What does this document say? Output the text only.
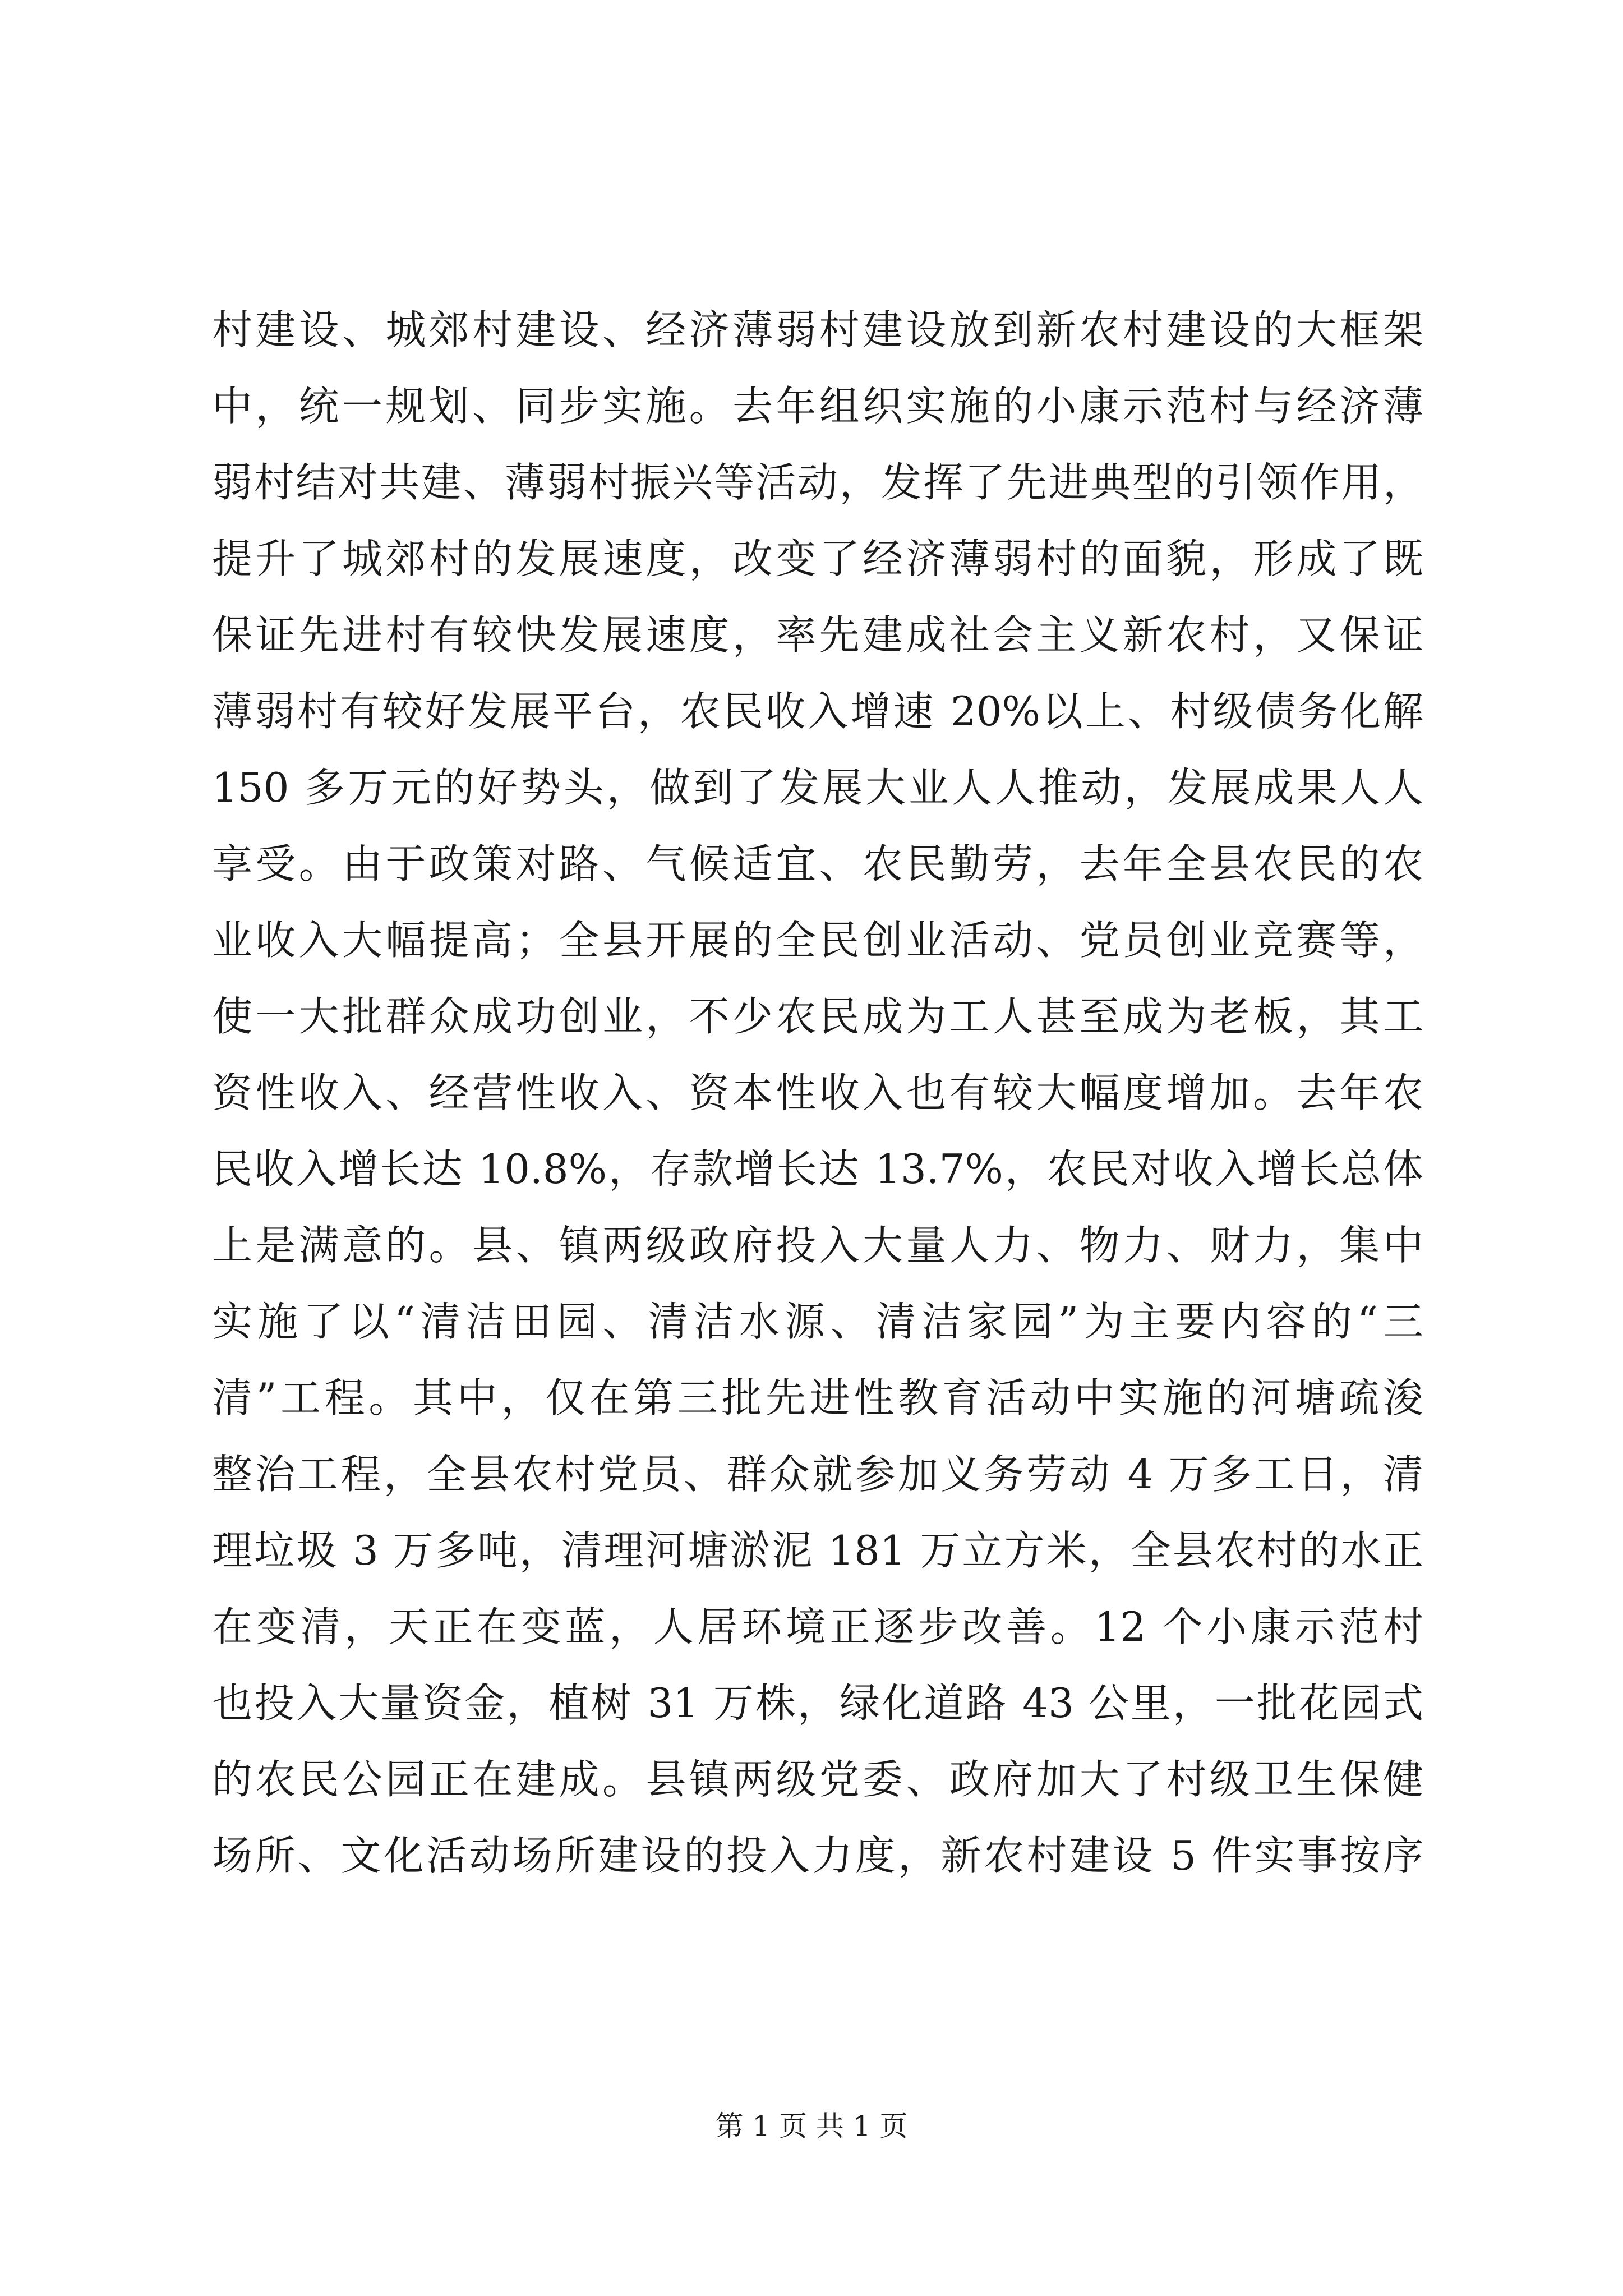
村建设、城郊村建设、经济薄弱村建设放到新农村建设的大框架
中，统一规划、同步实施。去年组织实施的小康示范村与经济薄
弱村结对共建、薄弱村振兴等活动，发挥了先进典型的引领作用，
提升了城郊村的发展速度，改变了经济薄弱村的面貌，形成了既
保证先进村有较快发展速度，率先建成社会主义新农村，又保证
薄弱村有较好发展平台，农民收入增速 20%以上、村级债务化解
150 多万元的好势头，做到了发展大业人人推动，发展成果人人
享受。由于政策对路、气候适宜、农民勤劳，去年全县农民的农
业收入大幅提高；全县开展的全民创业活动、党员创业竞赛等，
使一大批群众成功创业，不少农民成为工人甚至成为老板，其工
资性收入、经营性收入、资本性收入也有较大幅度增加。去年农
民收入增长达 10.8%，存款增长达 13.7%，农民对收入增长总体
上是满意的。县、镇两级政府投入大量人力、物力、财力，集中
实施了以“清洁田园、清洁水源、清洁家园”为主要内容的“三
清”工程。其中，仅在第三批先进性教育活动中实施的河塘疏浚
整治工程，全县农村党员、群众就参加义务劳动 4 万多工日，清
理垃圾 3 万多吨，清理河塘淤泥 181 万立方米，全县农村的水正
在变清，天正在变蓝，人居环境正逐步改善。12 个小康示范村
也投入大量资金，植树 31 万株，绿化道路 43 公里，一批花园式
的农民公园正在建成。县镇两级党委、政府加大了村级卫生保健
场所、文化活动场所建设的投入力度，新农村建设 5 件实事按序
第 1 页 共 1 页
